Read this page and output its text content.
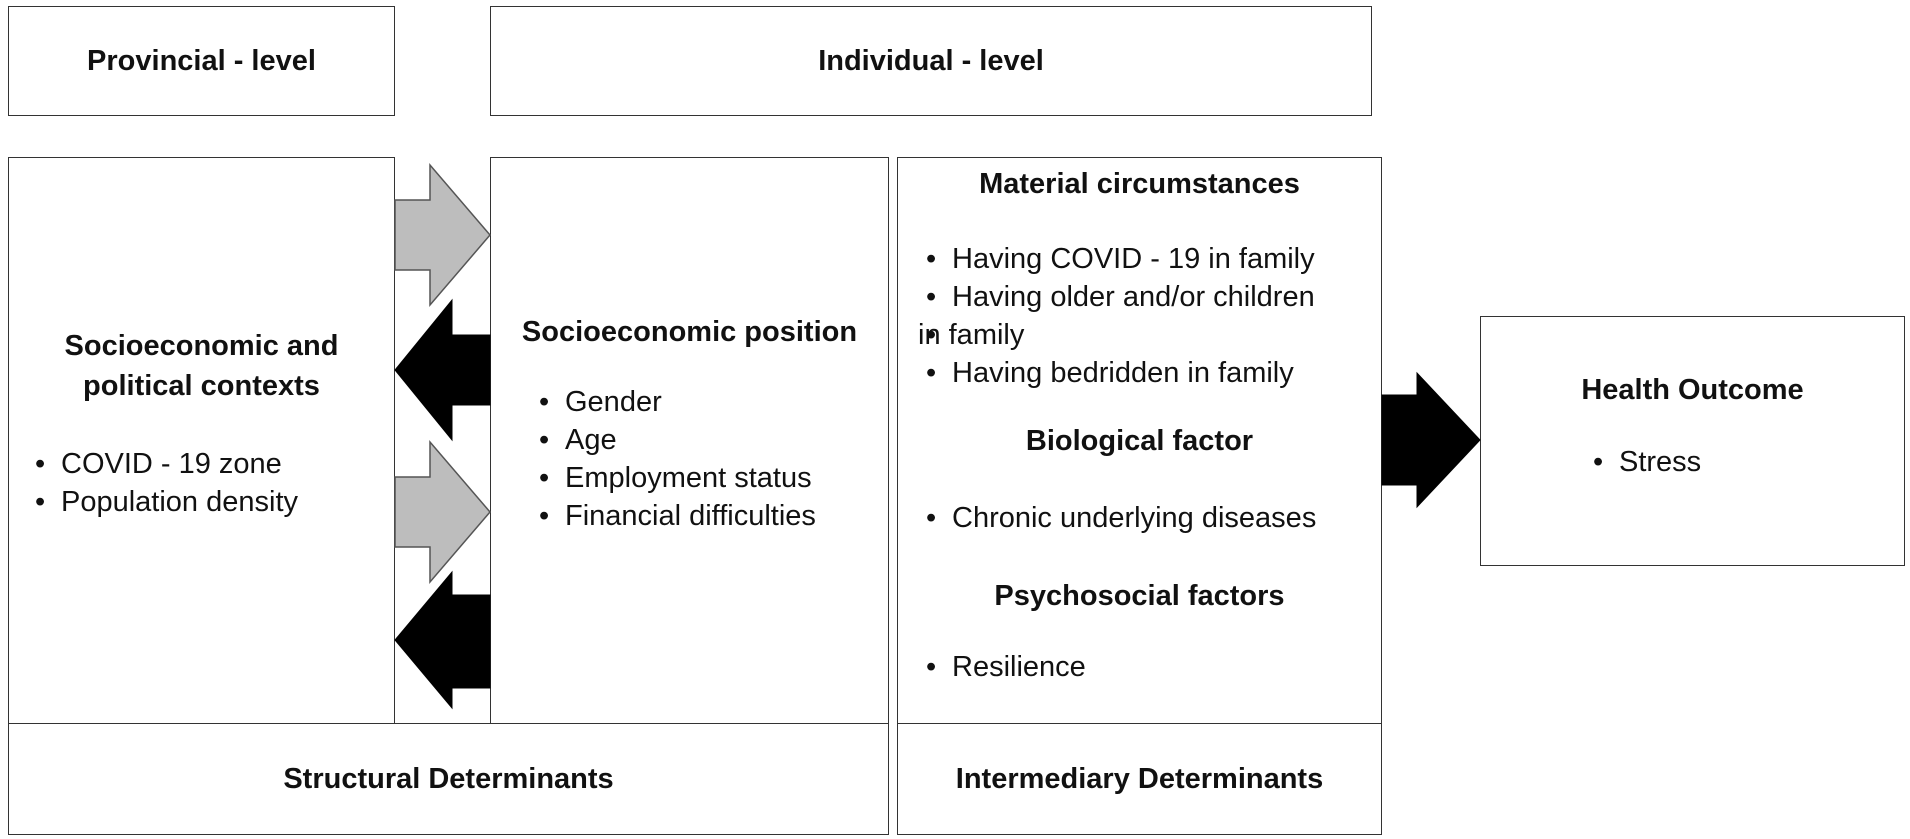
Provincial - level	Individual - level
Socioeconomic and
political contexts
• COVID - 19 zone
• Population density
Socioeconomic position
• Gender
• Age
• Employment status
• Financial difficulties
Material circumstances
• Having COVID - 19 in family
• Having older and/or children
• in family
• Having bedridden in family
Biological factor
• Chronic underlying diseases
Psychosocial factors
• Resilience
Health Outcome
• Stress
Structural Determinants	Intermediary Determinants
